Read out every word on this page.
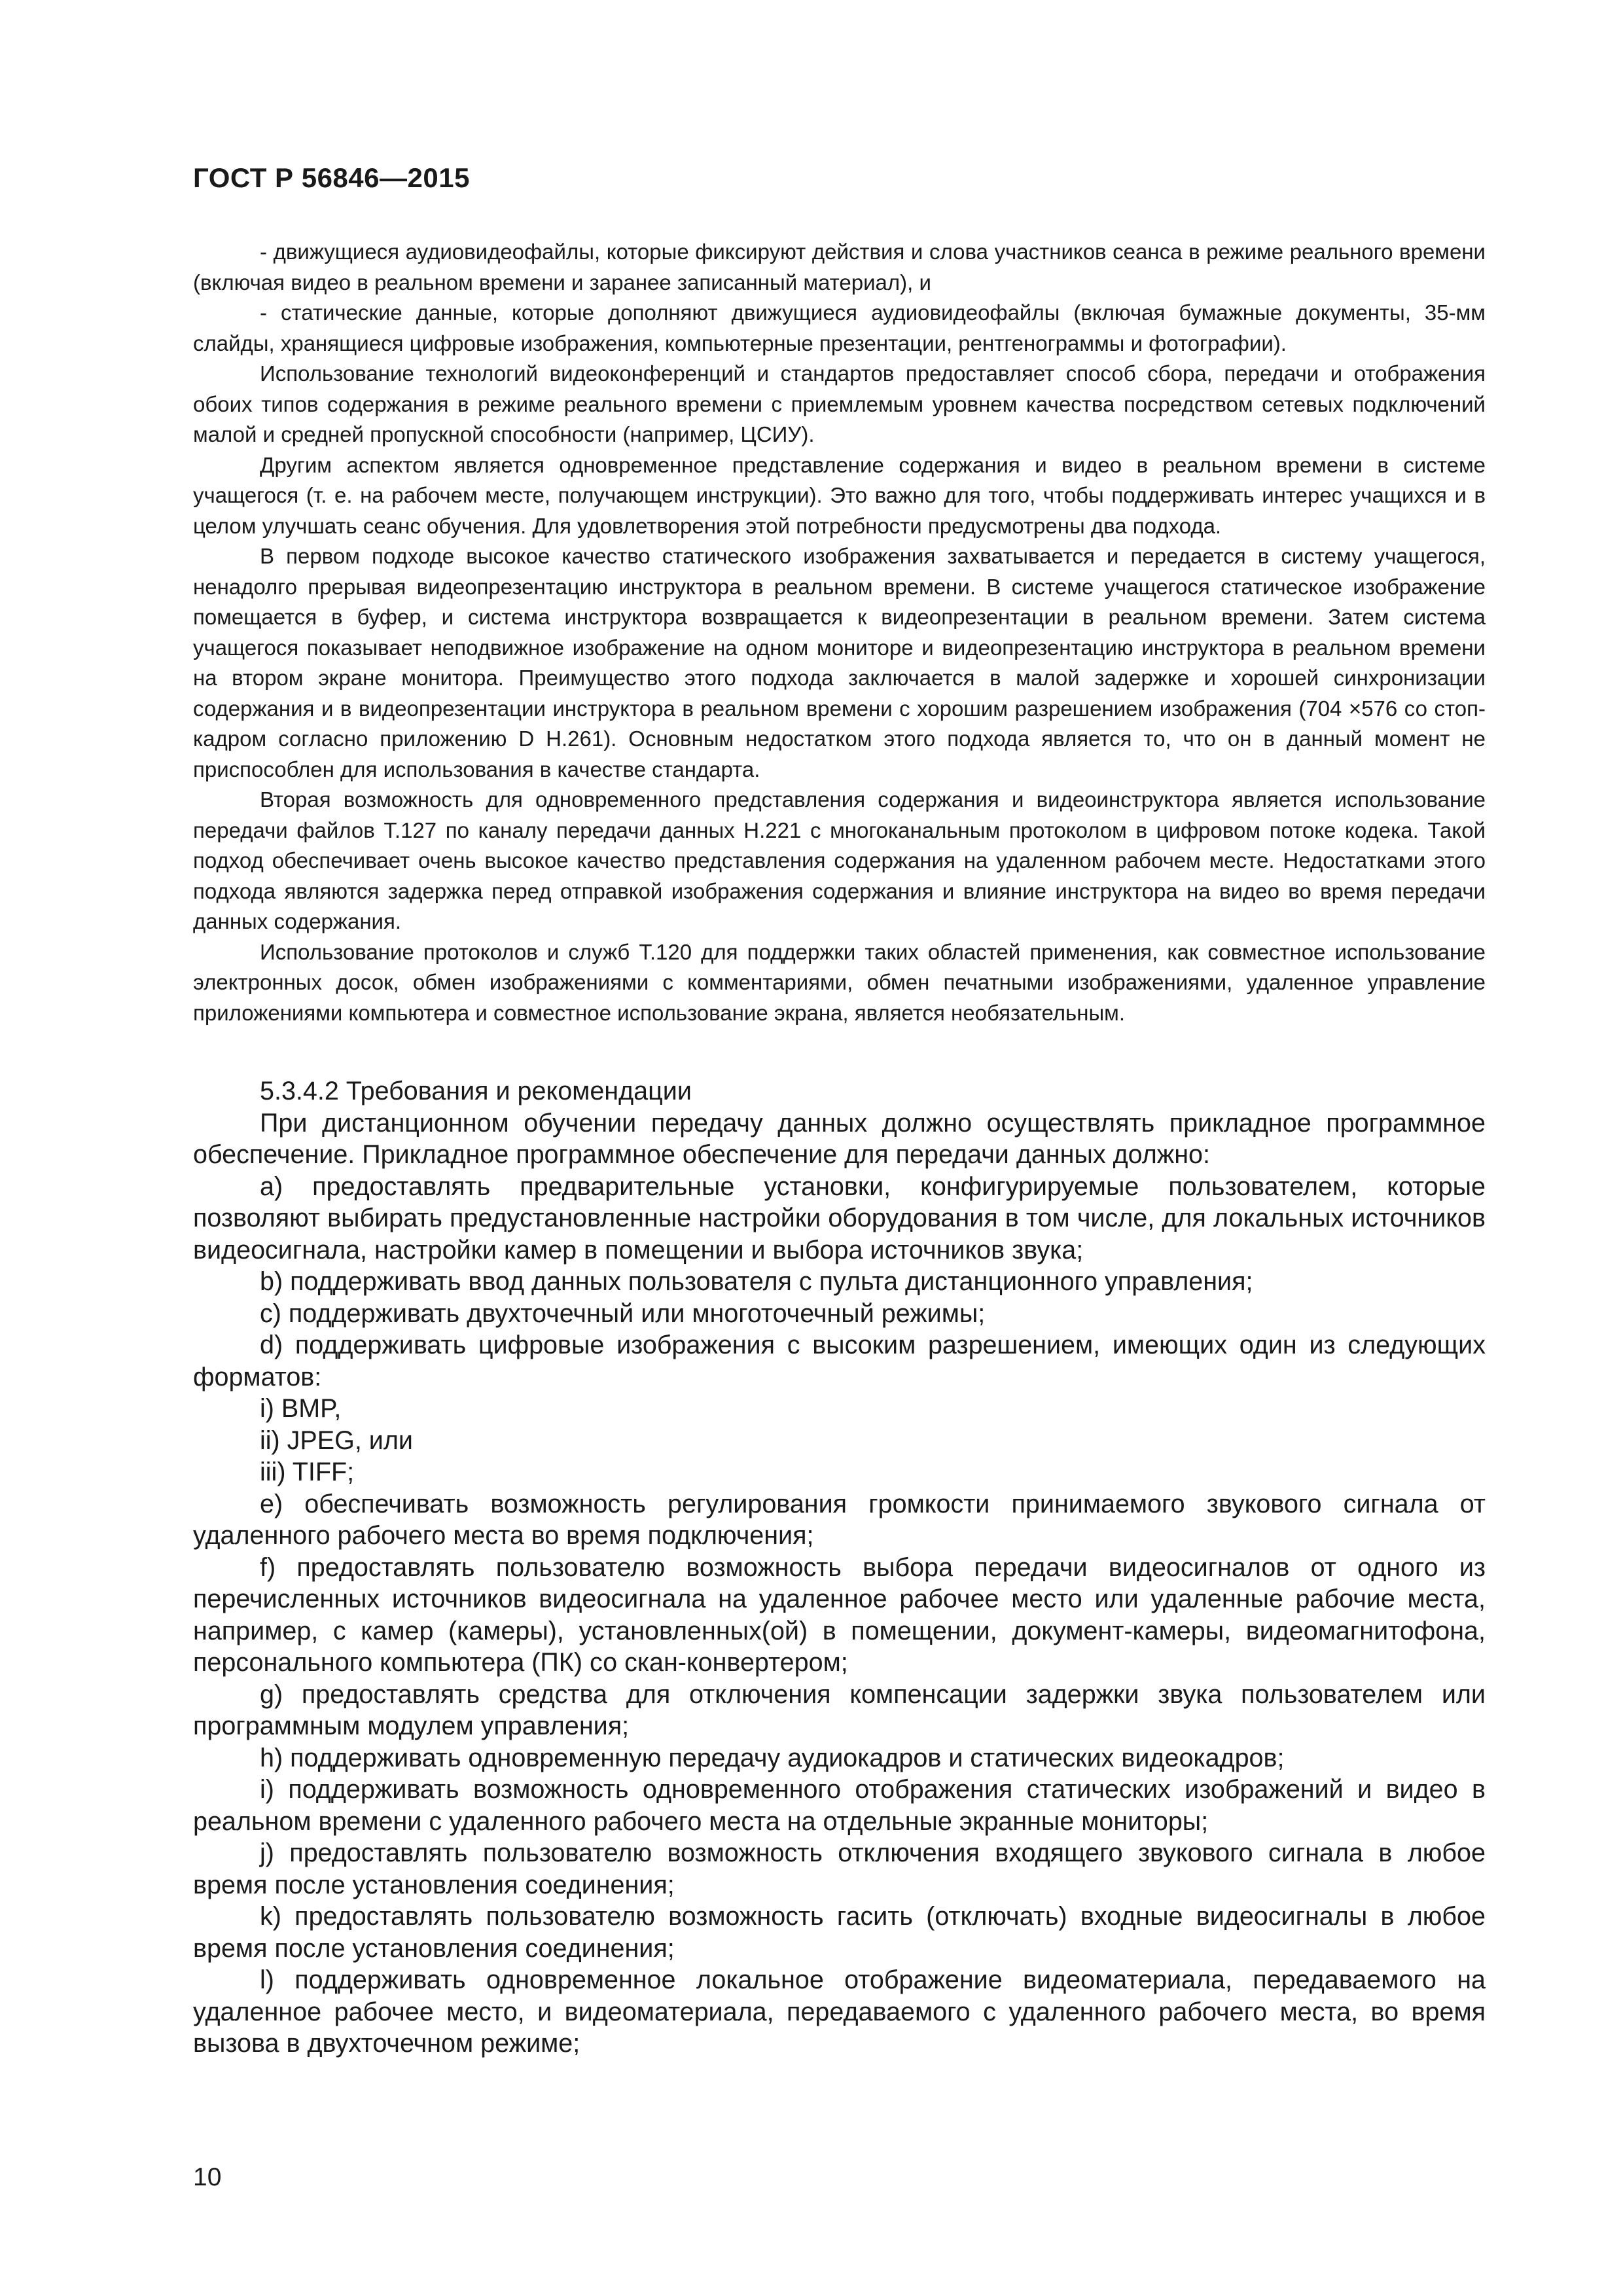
ГОСТ Р 56846—2015

- движущиеся аудиовидеофайлы, которые фиксируют действия и слова участников сеанса в режиме реального времени (включая видео в реальном времени и заранее записанный материал), и

- статические данные, которые дополняют движущиеся аудиовидеофайлы (включая бумажные документы, 35-мм слайды, хранящиеся цифровые изображения, компьютерные презентации, рентгенограммы и фотографии).

Использование технологий видеоконференций и стандартов предоставляет способ сбора, передачи и отображения обоих типов содержания в режиме реального времени с приемлемым уровнем качества посредством сетевых подключений малой и средней пропускной способности (например, ЦСИУ).

Другим аспектом является одновременное представление содержания и видео в реальном времени в системе учащегося (т. е. на рабочем месте, получающем инструкции). Это важно для того, чтобы поддерживать интерес учащихся и в целом улучшать сеанс обучения. Для удовлетворения этой потребности предусмотрены два подхода.

В первом подходе высокое качество статического изображения захватывается и передается в систему учащегося, ненадолго прерывая видеопрезентацию инструктора в реальном времени. В системе учащегося статическое изображение помещается в буфер, и система инструктора возвращается к видеопрезентации в реальном времени. Затем система учащегося показывает неподвижное изображение на одном мониторе и видеопрезентацию инструктора в реальном времени на втором экране монитора. Преимущество этого подхода заключается в малой задержке и хорошей синхронизации содержания и в видеопрезентации инструктора в реальном времени с хорошим разрешением изображения (704 ×576 со стоп-кадром согласно приложению D H.261). Основным недостатком этого подхода является то, что он в данный момент не приспособлен для использования в качестве стандарта.

Вторая возможность для одновременного представления содержания и видеоинструктора является использование передачи файлов Т.127 по каналу передачи данных H.221 с многоканальным протоколом в цифровом потоке кодека. Такой подход обеспечивает очень высокое качество представления содержания на удаленном рабочем месте. Недостатками этого подхода являются задержка перед отправкой изображения содержания и влияние инструктора на видео во время передачи данных содержания.

Использование протоколов и служб Т.120 для поддержки таких областей применения, как совместное использование электронных досок, обмен изображениями с комментариями, обмен печатными изображениями, удаленное управление приложениями компьютера и совместное использование экрана, является необязательным.

5.3.4.2 Требования и рекомендации

При дистанционном обучении передачу данных должно осуществлять прикладное программное обеспечение. Прикладное программное обеспечение для передачи данных должно:

a) предоставлять предварительные установки, конфигурируемые пользователем, которые позволяют выбирать предустановленные настройки оборудования в том числе, для локальных источников видеосигнала, настройки камер в помещении и выбора источников звука;

b) поддерживать ввод данных пользователя с пульта дистанционного управления;

c) поддерживать двухточечный или многоточечный режимы;

d) поддерживать цифровые изображения с высоким разрешением, имеющих один из следующих форматов:

i) BMP,

ii) JPEG, или

iii) TIFF;

e) обеспечивать возможность регулирования громкости принимаемого звукового сигнала от удаленного рабочего места во время подключения;

f) предоставлять пользователю возможность выбора передачи видеосигналов от одного из перечисленных источников видеосигнала на удаленное рабочее место или удаленные рабочие места, например, с камер (камеры), установленных(ой) в помещении, документ-камеры, видеомагнитофона, персонального компьютера (ПК) со скан-конвертером;

g) предоставлять средства для отключения компенсации задержки звука пользователем или программным модулем управления;

h) поддерживать одновременную передачу аудиокадров и статических видеокадров;

i) поддерживать возможность одновременного отображения статических изображений и видео в реальном времени с удаленного рабочего места на отдельные экранные мониторы;

j) предоставлять пользователю возможность отключения входящего звукового сигнала в любое время после установления соединения;

k) предоставлять пользователю возможность гасить (отключать) входные видеосигналы в любое время после установления соединения;

l) поддерживать одновременное локальное отображение видеоматериала, передаваемого на удаленное рабочее место, и видеоматериала, передаваемого с удаленного рабочего места, во время вызова в двухточечном режиме;

10
